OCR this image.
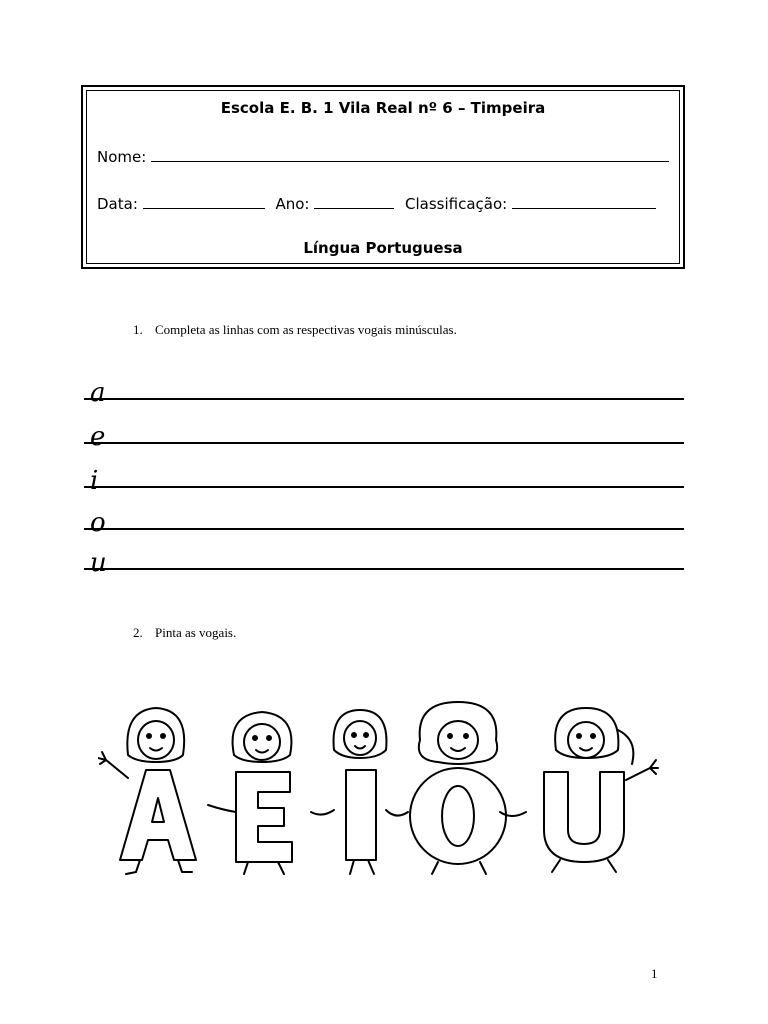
Escola E. B. 1 Vila Real nº 6 – Timpeira
Nome:
Data:	Ano:	Classificação:
Língua Portuguesa
1. Completa as linhas com as respectivas vogais minúsculas.
a
e
i
o
u
2. Pinta as vogais.
1
